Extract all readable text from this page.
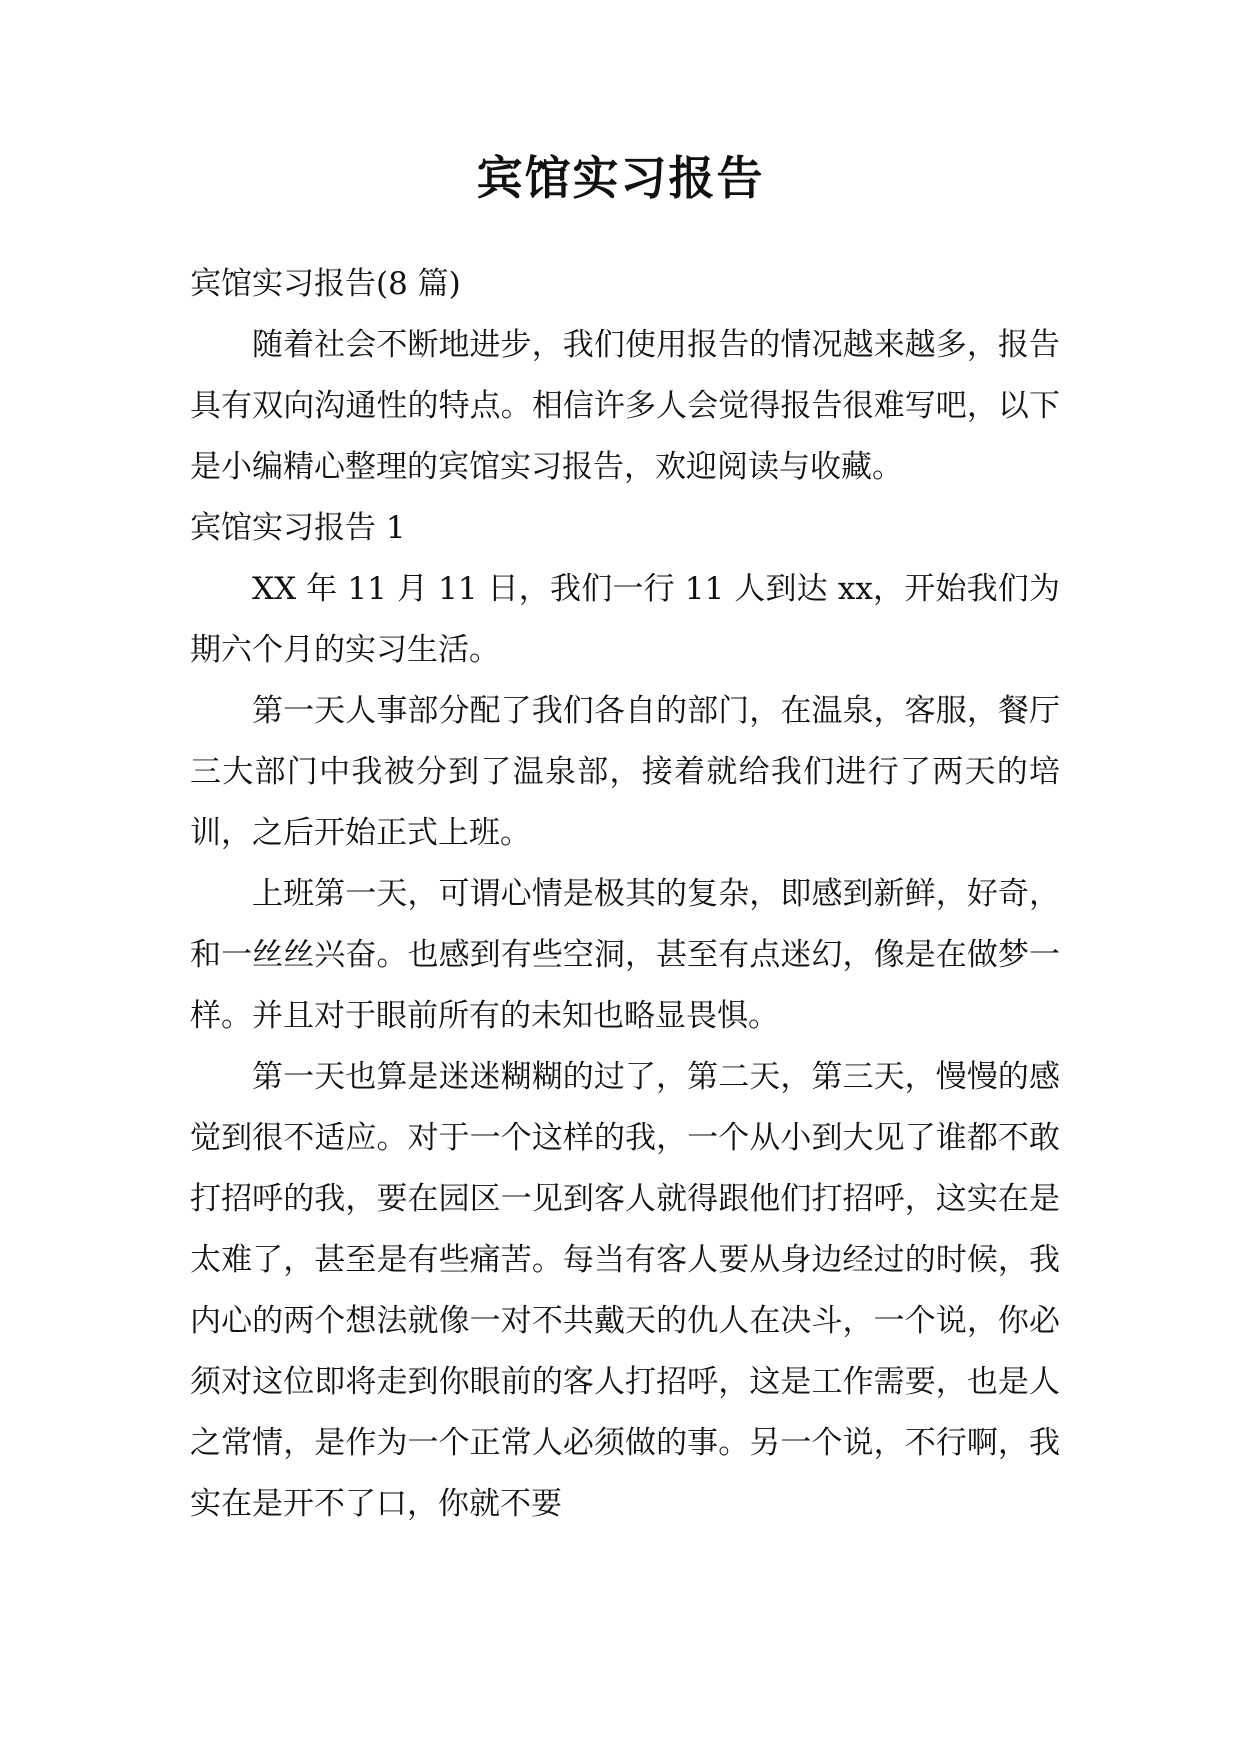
宾馆实习报告

宾馆实习报告(8 篇)

随着社会不断地进步，我们使用报告的情况越来越多，报告具有双向沟通性的特点。相信许多人会觉得报告很难写吧，以下是小编精心整理的宾馆实习报告，欢迎阅读与收藏。

宾馆实习报告 1

XX 年 11 月 11 日，我们一行 11 人到达 xx，开始我们为期六个月的实习生活。

第一天人事部分配了我们各自的部门，在温泉，客服，餐厅三大部门中我被分到了温泉部，接着就给我们进行了两天的培训，之后开始正式上班。

上班第一天，可谓心情是极其的复杂，即感到新鲜，好奇，和一丝丝兴奋。也感到有些空洞，甚至有点迷幻，像是在做梦一样。并且对于眼前所有的未知也略显畏惧。

第一天也算是迷迷糊糊的过了，第二天，第三天，慢慢的感觉到很不适应。对于一个这样的我，一个从小到大见了谁都不敢打招呼的我，要在园区一见到客人就得跟他们打招呼，这实在是太难了，甚至是有些痛苦。每当有客人要从身边经过的时候，我内心的两个想法就像一对不共戴天的仇人在决斗，一个说，你必须对这位即将走到你眼前的客人打招呼，这是工作需要，也是人之常情，是作为一个正常人必须做的事。另一个说，不行啊，我实在是开不了口，你就不要
